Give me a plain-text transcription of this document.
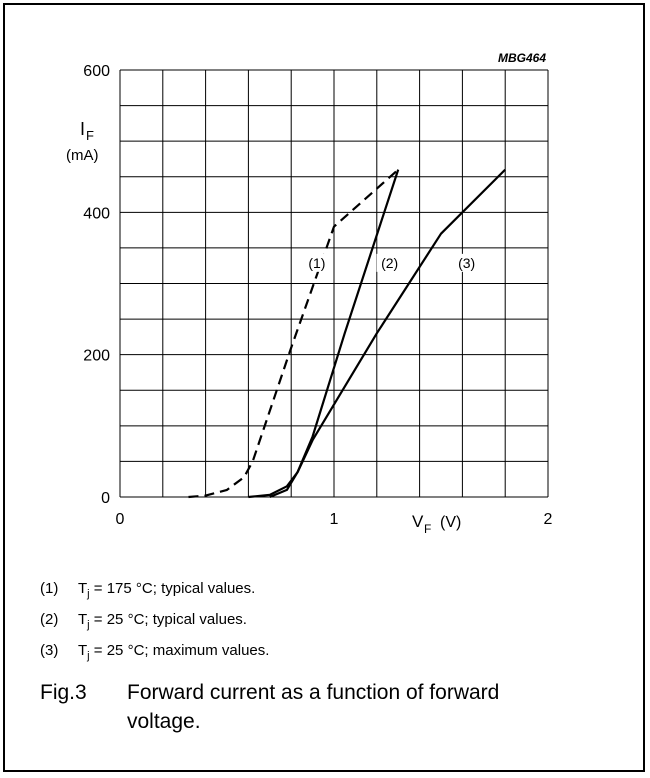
0
200
400
600
0	1	2
MBG464
I F
(mA)
V F (V)
(1)	(2)	(3)
(1)	$T_j = 175$ °C; typical values.
(2)	$T_j = 25$ °C; typical values.
(3)	$T_j = 25$ °C; maximum values.
Fig.3	Forward current as a function of forward voltage.
